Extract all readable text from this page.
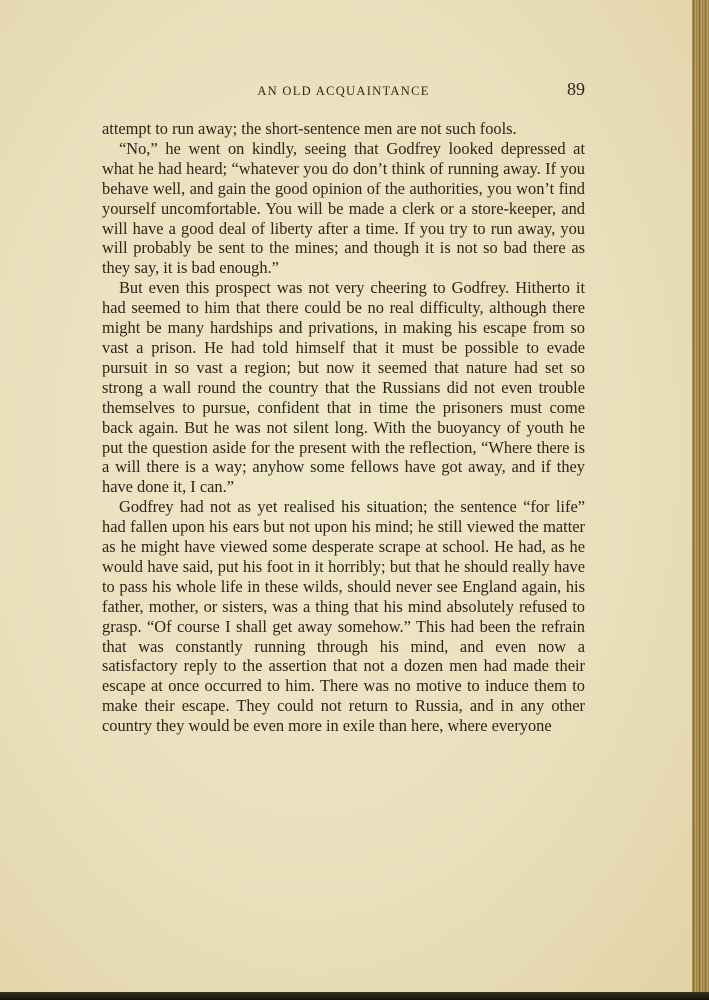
AN OLD ACQUAINTANCE	89

attempt to run away; the short-sentence men are not such fools.

“No,” he went on kindly, seeing that Godfrey looked depressed at what he had heard; “whatever you do don’t think of running away. If you behave well, and gain the good opinion of the authorities, you won’t find yourself uncomfortable. You will be made a clerk or a store-keeper, and will have a good deal of liberty after a time. If you try to run away, you will probably be sent to the mines; and though it is not so bad there as they say, it is bad enough.”

But even this prospect was not very cheering to Godfrey. Hitherto it had seemed to him that there could be no real difficulty, although there might be many hardships and privations, in making his escape from so vast a prison. He had told himself that it must be possible to evade pursuit in so vast a region; but now it seemed that nature had set so strong a wall round the country that the Russians did not even trouble themselves to pursue, confident that in time the prisoners must come back again. But he was not silent long. With the buoyancy of youth he put the question aside for the present with the reflection, “Where there is a will there is a way; anyhow some fellows have got away, and if they have done it, I can.”

Godfrey had not as yet realised his situation; the sentence “for life” had fallen upon his ears but not upon his mind; he still viewed the matter as he might have viewed some desperate scrape at school. He had, as he would have said, put his foot in it horribly; but that he should really have to pass his whole life in these wilds, should never see England again, his father, mother, or sisters, was a thing that his mind absolutely refused to grasp. “Of course I shall get away somehow.” This had been the refrain that was constantly running through his mind, and even now a satisfactory reply to the assertion that not a dozen men had made their escape at once occurred to him. There was no motive to induce them to make their escape. They could not return to Russia, and in any other country they would be even more in exile than here, where everyone
